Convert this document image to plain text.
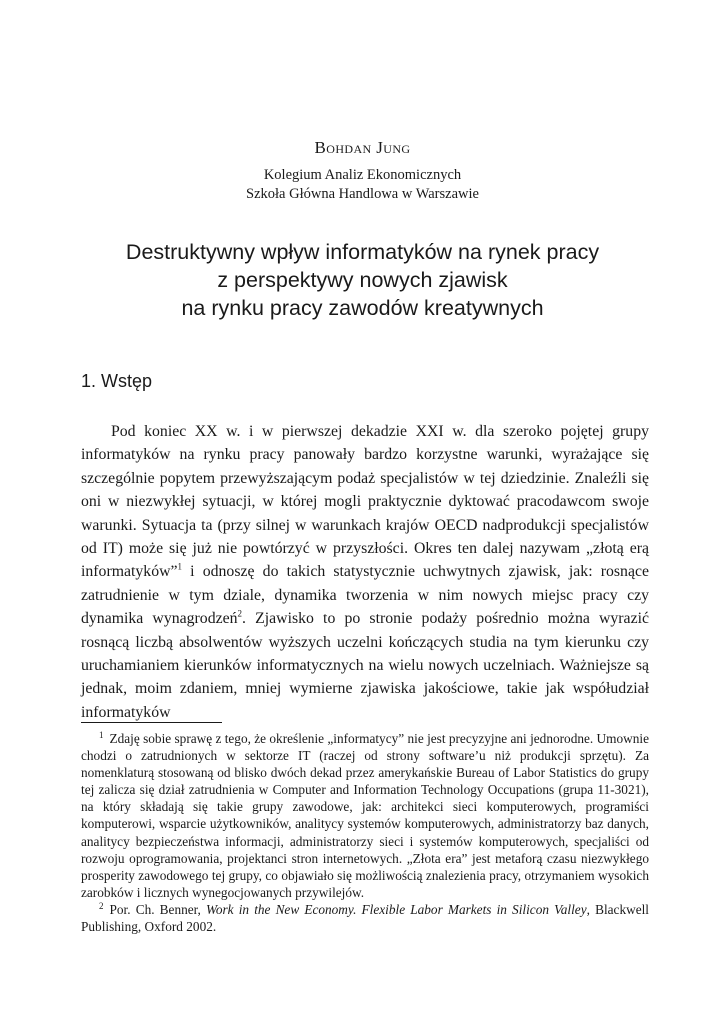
Bohdan Jung
Kolegium Analiz Ekonomicznych
Szkoła Główna Handlowa w Warszawie
Destruktywny wpływ informatyków na rynek pracy
z perspektywy nowych zjawisk
na rynku pracy zawodów kreatywnych
1. Wstęp

Pod koniec XX w. i w pierwszej dekadzie XXI w. dla szeroko pojętej grupy informatyków na rynku pracy panowały bardzo korzystne warunki, wyrażające się szczególnie popytem przewyższającym podaż specjalistów w tej dziedzinie. Znaleźli się oni w niezwykłej sytuacji, w której mogli praktycznie dyktować pracodawcom swoje warunki. Sytuacja ta (przy silnej w warunkach krajów OECD nadprodukcji specjalistów od IT) może się już nie powtórzyć w przyszłości. Okres ten dalej nazywam „złotą erą informatyków”$^1$ i odnoszę do takich statystycznie uchwytnych zjawisk, jak: rosnące zatrudnienie w tym dziale, dynamika tworzenia w nim nowych miejsc pracy czy dynamika wynagrodzeń$^2$. Zjawisko to po stronie podaży pośrednio można wyrazić rosnącą liczbą absolwentów wyższych uczelni kończących studia na tym kierunku czy uruchamianiem kierunków informatycznych na wielu nowych uczelniach. Ważniejsze są jednak, moim zdaniem, mniej wymierne zjawiska jakościowe, takie jak współudział informatyków

$^1$ Zdaję sobie sprawę z tego, że określenie „informatycy” nie jest precyzyjne ani jednorodne. Umownie chodzi o zatrudnionych w sektorze IT (raczej od strony software’u niż produkcji sprzętu). Za nomenklaturą stosowaną od blisko dwóch dekad przez amerykańskie Bureau of Labor Statistics do grupy tej zalicza się dział zatrudnienia w Computer and Information Technology Occupations (grupa 11-3021), na który składają się takie grupy zawodowe, jak: architekci sieci komputerowych, programiści komputerowi, wsparcie użytkowników, analitycy systemów komputerowych, administratorzy baz danych, analitycy bezpieczeństwa informacji, administratorzy sieci i systemów komputerowych, specjaliści od rozwoju oprogramowania, projektanci stron internetowych. „Złota era” jest metaforą czasu niezwykłego prosperity zawodowego tej grupy, co objawiało się możliwością znalezienia pracy, otrzymaniem wysokich zarobków i licznych wynegocjowanych przywilejów.

$^2$ Por. Ch. Benner, Work in the New Economy. Flexible Labor Markets in Silicon Valley, Blackwell Publishing, Oxford 2002.
